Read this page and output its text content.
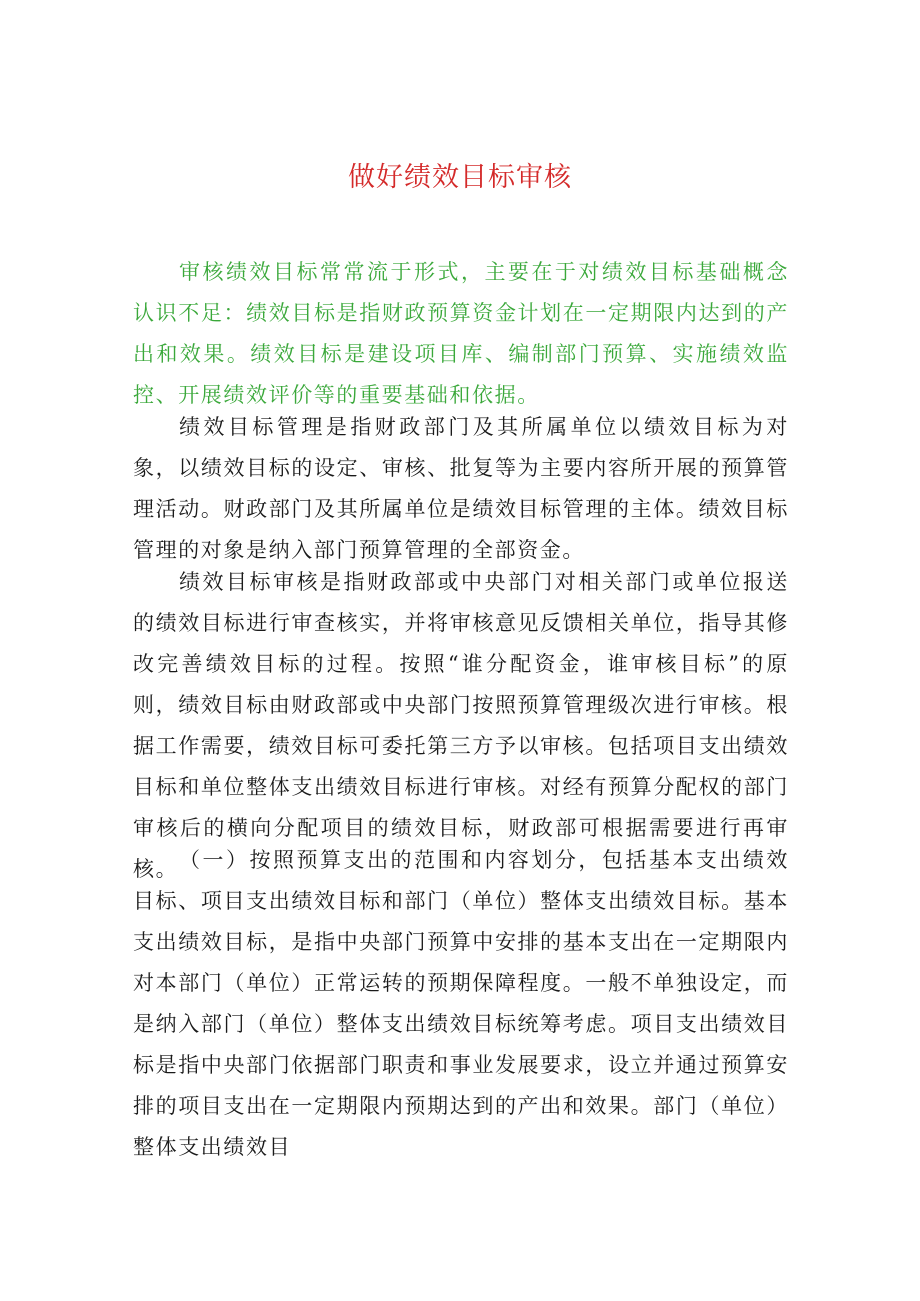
做好绩效目标审核

审核绩效目标常常流于形式，主要在于对绩效目标基础概念认识不足：绩效目标是指财政预算资金计划在一定期限内达到的产出和效果。绩效目标是建设项目库、编制部门预算、实施绩效监控、开展绩效评价等的重要基础和依据。

绩效目标管理是指财政部门及其所属单位以绩效目标为对象，以绩效目标的设定、审核、批复等为主要内容所开展的预算管理活动。财政部门及其所属单位是绩效目标管理的主体。绩效目标管理的对象是纳入部门预算管理的全部资金。

绩效目标审核是指财政部或中央部门对相关部门或单位报送的绩效目标进行审查核实，并将审核意见反馈相关单位，指导其修改完善绩效目标的过程。按照“谁分配资金，谁审核目标”的原则，绩效目标由财政部或中央部门按照预算管理级次进行审核。根据工作需要，绩效目标可委托第三方予以审核。包括项目支出绩效目标和单位整体支出绩效目标进行审核。对经有预算分配权的部门审核后的横向分配项目的绩效目标，财政部可根据需要进行再审核。 （一）按照预算支出的范围和内容划分，包括基本支出绩效目标、项目支出绩效目标和部门（单位）整体支出绩效目标。基本支出绩效目标，是指中央部门预算中安排的基本支出在一定期限内对本部门（单位）正常运转的预期保障程度。一般不单独设定，而是纳入部门（单位）整体支出绩效目标统筹考虑。项目支出绩效目标是指中央部门依据部门职责和事业发展要求，设立并通过预算安排的项目支出在一定期限内预期达到的产出和效果。部门（单位）整体支出绩效目
